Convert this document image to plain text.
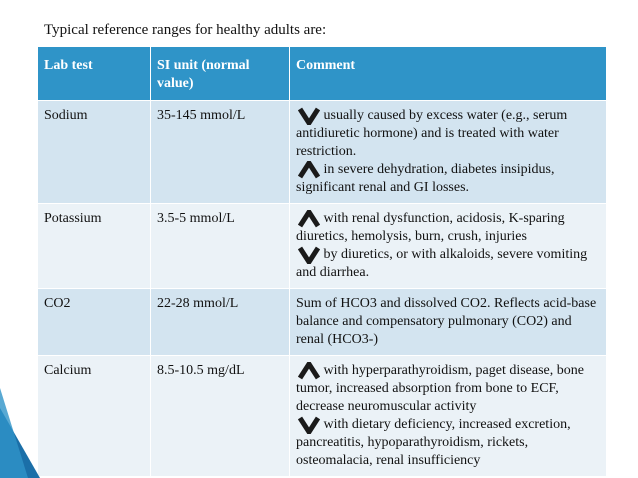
Typical reference ranges for healthy adults are:
Lab test	SI unit (normal value)	Comment
Sodium	35-145 mmol/L	usually caused by excess water (e.g., serum antidiuretic hormone) and is treated with water restriction.

in severe dehydration, diabetes insipidus, significant renal and GI losses.
Potassium	3.5-5 mmol/L	with renal dysfunction, acidosis, K-sparing diuretics, hemolysis, burn, crush, injuries

by diuretics, or with alkaloids, severe vomiting and diarrhea.
CO2	22-28 mmol/L	Sum of HCO3 and dissolved CO2. Reflects acid-base balance and compensatory pulmonary (CO2) and renal (HCO3-)
Calcium	8.5-10.5 mg/dL	with hyperparathyroidism, paget disease, bone tumor, increased absorption from bone to ECF, decrease neuromuscular activity

with dietary deficiency, increased excretion, pancreatitis, hypoparathyroidism, rickets, osteomalacia, renal insufficiency
